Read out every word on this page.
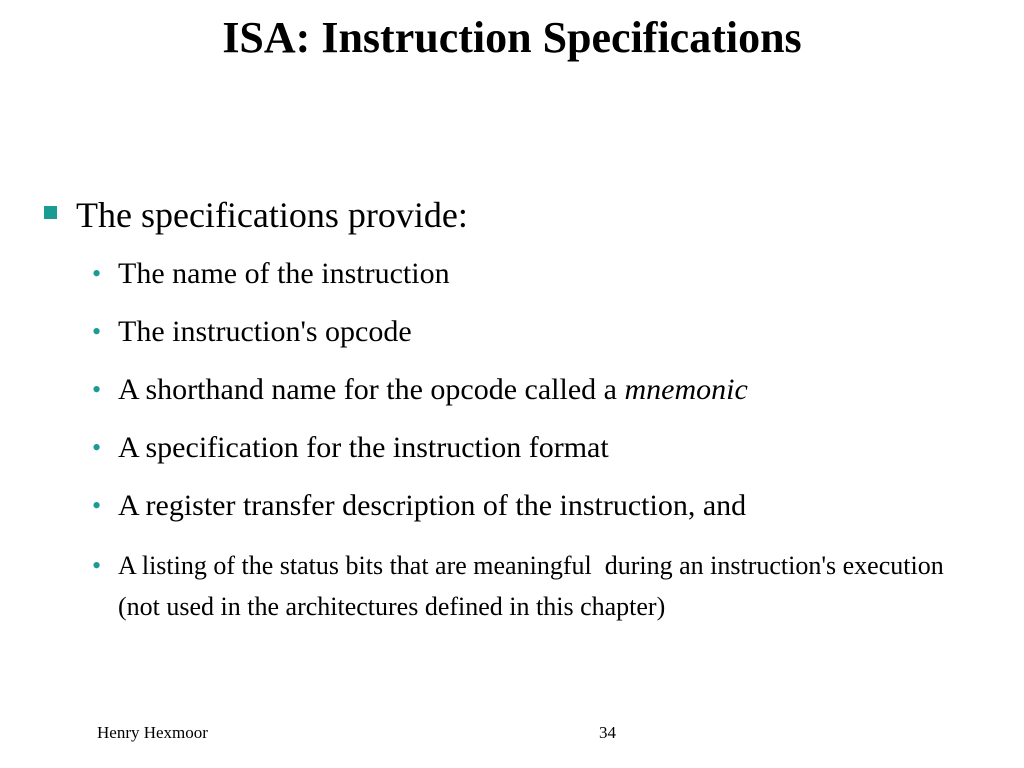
ISA: Instruction Specifications
The specifications provide:
• The name of the instruction
• The instruction's opcode
• A shorthand name for the opcode called a mnemonic
• A specification for the instruction format
• A register transfer description of the instruction, and
• A listing of the status bits that are meaningful  during an instruction's execution (not used in the architectures defined in this chapter)
Henry Hexmoor	34
